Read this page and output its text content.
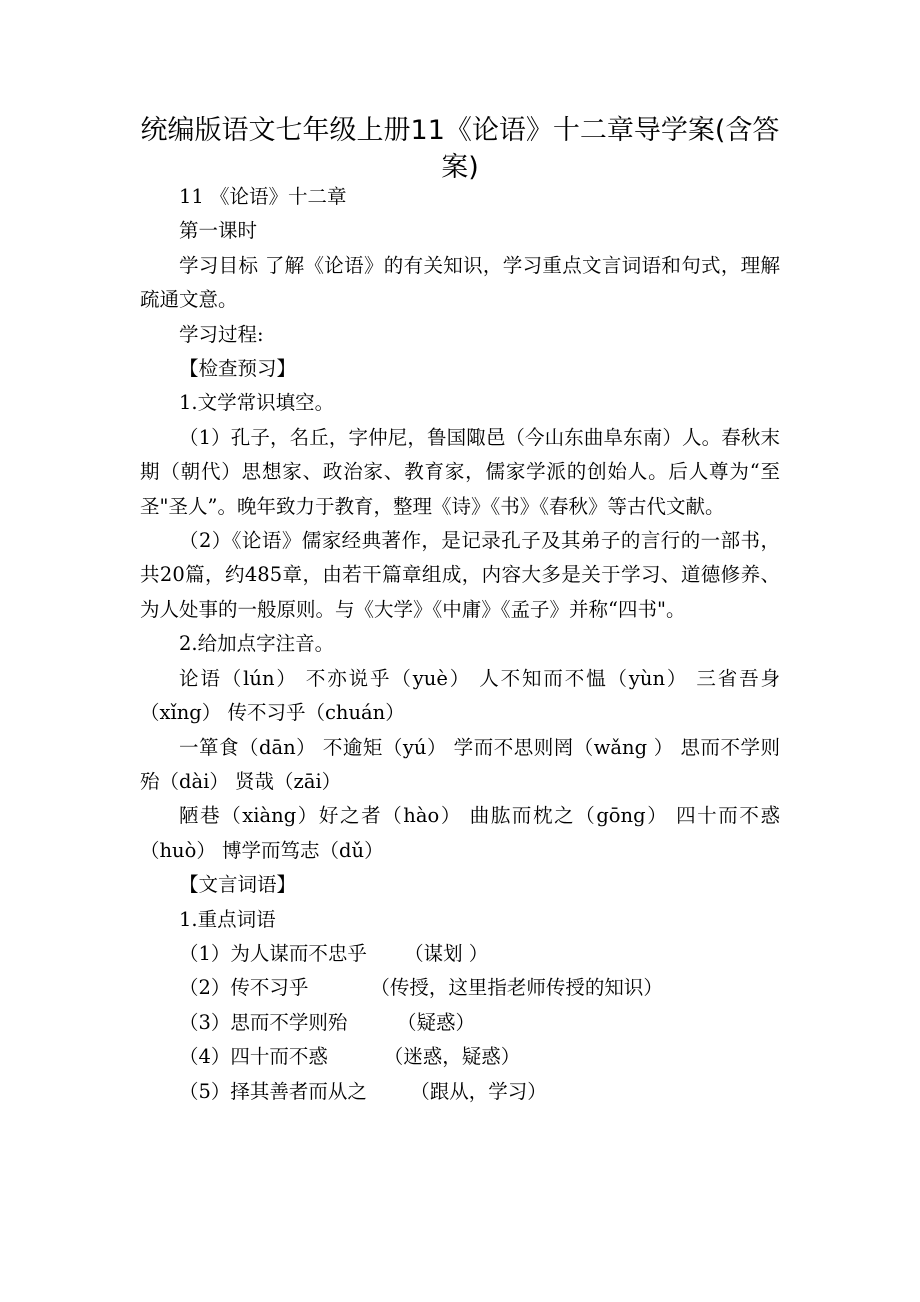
统编版语文七年级上册11《论语》十二章导学案(含答案)

11 《论语》十二章

第一课时

学习目标 了解《论语》的有关知识，学习重点文言词语和句式，理解疏通文意。

学习过程:

【检查预习】

1.文学常识填空。

（1）孔子，名丘，字仲尼，鲁国陬邑（今山东曲阜东南）人。春秋末期（朝代）思想家、政治家、教育家，儒家学派的创始人。后人尊为“至圣"圣人”。晚年致力于教育，整理《诗》《书》《春秋》等古代文献。

（2）《论语》儒家经典著作，是记录孔子及其弟子的言行的一部书，共20篇，约485章，由若干篇章组成，内容大多是关于学习、道德修养、为人处事的一般原则。与《大学》《中庸》《孟子》并称“四书"。

2.给加点字注音。

论语（lún） 不亦说乎（yuè） 人不知而不愠（yùn） 三省吾身（xǐng） 传不习乎（chuán）

一箪食（dān） 不逾矩（yú） 学而不思则罔（wǎng ） 思而不学则殆（dài） 贤哉（zāi）

陋巷（xiàng）好之者（hào） 曲肱而枕之（gōng） 四十而不惑（huò） 博学而笃志（dǔ）

【文言词语】

1.重点词语

（1）为人谋而不忠乎      （谋划 ）

（2）传不习乎          （传授，这里指老师传授的知识）

（3）思而不学则殆        （疑惑）

（4）四十而不惑         （迷惑，疑惑）

（5）择其善者而从之       （跟从，学习）
